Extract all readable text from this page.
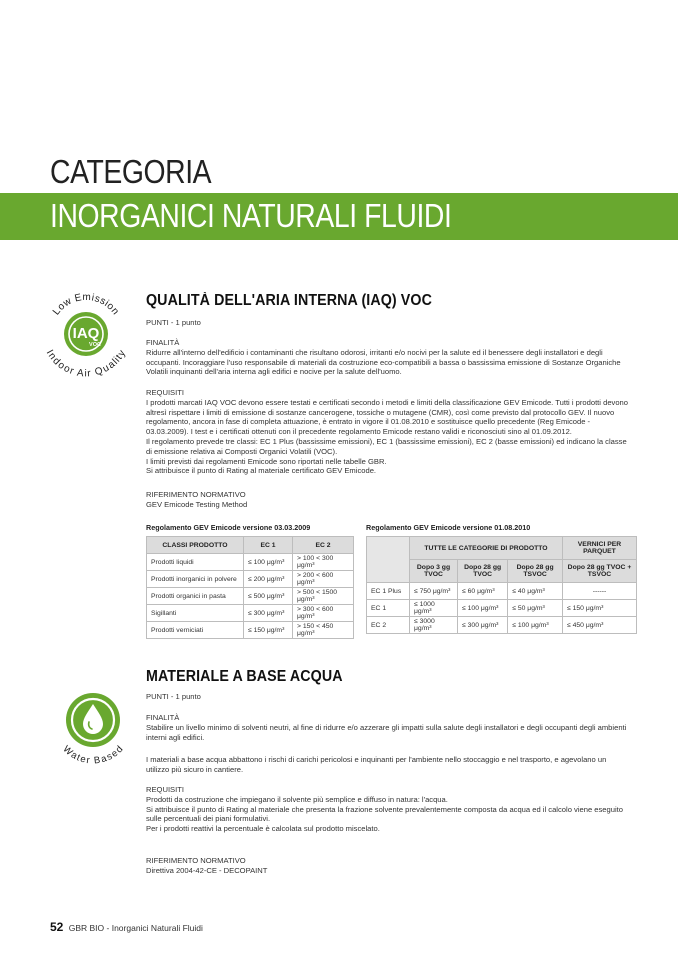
CATEGORIA
INORGANICI NATURALI FLUIDI
IAQ
VOC
Low Emission
Indoor Air Quality
QUALITÀ DELL'ARIA INTERNA (IAQ) VOC
PUNTI - 1 punto

FINALITÀ

Ridurre all'interno dell'edificio i contaminanti che risultano odorosi, irritanti e/o nocivi per la salute ed il benessere degli installatori e degli occupanti. Incoraggiare l'uso responsabile di materiali da costruzione eco-compatibili a bassa o bassissima emissione di Sostanze Organiche Volatili inquinanti dell'aria interna agli edifici e nocive per la salute dell'uomo.

REQUISITI

I prodotti marcati IAQ VOC devono essere testati e certificati secondo i metodi e limiti della classificazione GEV Emicode. Tutti i prodotti devono altresì rispettare i limiti di emissione di sostanze cancerogene, tossiche o mutagene (CMR), così come previsto dal protocollo GEV. Il nuovo regolamento, ancora in fase di completa attuazione, è entrato in vigore il 01.08.2010 e sostituisce quello precedente (Reg Emicode - 03.03.2009). I test e i certificati ottenuti con il precedente regolamento Emicode restano validi e riconosciuti sino al 01.09.2012.

Il regolamento prevede tre classi: EC 1 Plus (bassissime emissioni), EC 1 (bassissime emissioni), EC 2 (basse emissioni) ed indicano la classe di emissione relativa ai Composti Organici Volatili (VOC).

I limiti previsti dai regolamenti Emicode sono riportati nelle tabelle GBR.

Si attribuisce il punto di Rating al materiale certificato GEV Emicode.

RIFERIMENTO NORMATIVO

GEV Emicode Testing Method

Regolamento GEV Emicode versione 03.03.2009
CLASSI PRODOTTO	EC 1	EC 2
Prodotti liquidi	≤ 100 μg/m³	> 100 < 300 μg/m³
Prodotti inorganici in polvere	≤ 200 μg/m³	> 200 < 600 μg/m³
Prodotti organici in pasta	≤ 500 μg/m³	> 500 < 1500 μg/m³
Sigillanti	≤ 300 μg/m³	> 300 < 600 μg/m³
Prodotti verniciati	≤ 150 μg/m³	> 150 < 450 μg/m³
Regolamento GEV Emicode versione 01.08.2010
	TUTTE LE CATEGORIE DI PRODOTTO			VERNICI PER PARQUET
	Dopo 3 gg TVOC	Dopo 28 gg TVOC	Dopo 28 gg TSVOC	Dopo 28 gg TVOC + TSVOC
EC 1 Plus	≤ 750 μg/m³	≤ 60 μg/m³	≤ 40 μg/m³	------
EC 1	≤ 1000 μg/m³	≤ 100 μg/m³	≤ 50 μg/m³	≤ 150 μg/m³
EC 2	≤ 3000 μg/m³	≤ 300 μg/m³	≤ 100 μg/m³	≤ 450 μg/m³
Water Based
MATERIALE A BASE ACQUA
PUNTI - 1 punto

FINALITÀ

Stabilire un livello minimo di solventi neutri, al fine di ridurre e/o azzerare gli impatti sulla salute degli installatori e degli occupanti degli ambienti interni agli edifici.

I materiali a base acqua abbattono i rischi di carichi pericolosi e inquinanti per l'ambiente nello stoccaggio e nel trasporto, e agevolano un utilizzo più sicuro in cantiere.

REQUISITI

Prodotti da costruzione che impiegano il solvente più semplice e diffuso in natura: l'acqua.

Si attribuisce il punto di Rating al materiale che presenta la frazione solvente prevalentemente composta da acqua ed il calcolo viene eseguito sulle percentuali dei piani formulativi.

Per i prodotti reattivi la percentuale è calcolata sul prodotto miscelato.

RIFERIMENTO NORMATIVO

Direttiva 2004-42-CE - DECOPAINT

52 GBR BIO - Inorganici Naturali Fluidi
